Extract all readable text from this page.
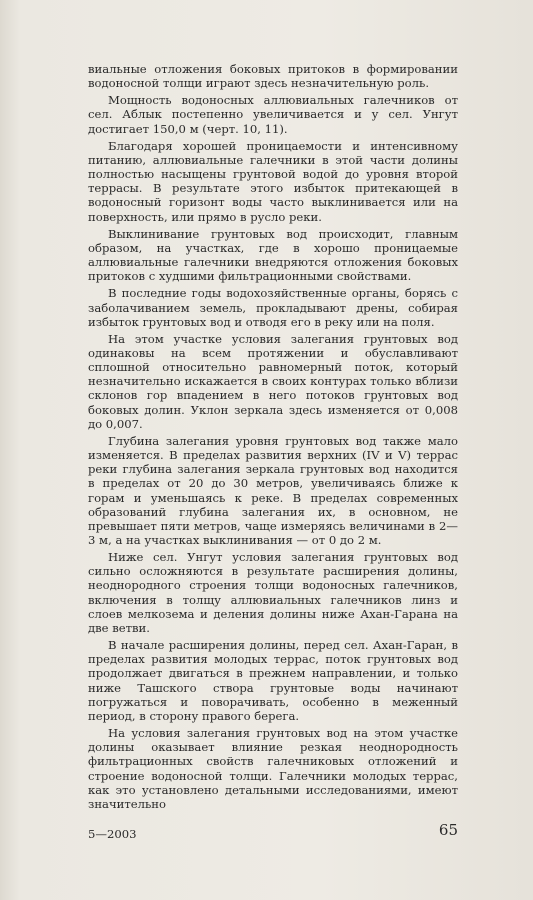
виальные отложения боковых притоков в формировании водоносной толщи играют здесь незначительную роль.

Мощность водоносных аллювиальных галечников от сел. Аблык постепенно увеличивается и у сел. Унгут достигает 150,0 м (черт. 10, 11).

Благодаря хорошей проницаемости и интенсивному питанию, аллювиальные галечники в этой части долины полностью насыщены грунтовой водой до уровня второй террасы. В результате этого избыток притекающей в водоносный горизонт воды часто выклинивается или на поверхность, или прямо в русло реки.

Выклинивание грунтовых вод происходит, главным образом, на участках, где в хорошо проницаемые аллювиальные галечники внедряются отложения боковых притоков с худшими фильтрационными свойствами.

В последние годы водохозяйственные органы, борясь с заболачиванием земель, прокладывают дрены, собирая избыток грунтовых вод и отводя его в реку или на поля.

На этом участке условия залегания грунтовых вод одинаковы на всем протяжении и обуславливают сплошной относительно равномерный поток, который незначительно искажается в своих контурах только вблизи склонов гор впадением в него потоков грунтовых вод боковых долин. Уклон зеркала здесь изменяется от 0,008 до 0,007.

Глубина залегания уровня грунтовых вод также мало изменяется. В пределах развития верхних (IV и V) террас реки глубина залегания зеркала грунтовых вод находится в пределах от 20 до 30 метров, увеличиваясь ближе к горам и уменьшаясь к реке. В пределах современных образований глубина залегания их, в основном, не превышает пяти метров, чаще измеряясь величинами в 2—3 м, а на участках выклинивания — от 0 до 2 м.

Ниже сел. Унгут условия залегания грунтовых вод сильно осложняются в результате расширения долины, неоднородного строения толщи водоносных галечников, включения в толщу аллювиальных галечников линз и слоев мелкозема и деления долины ниже Ахан-Гарана на две ветви.

В начале расширения долины, перед сел. Ахан-Гаран, в пределах развития молодых террас, поток грунтовых вод продолжает двигаться в прежнем направлении, и только ниже Ташского створа грунтовые воды начинают погружаться и поворачивать, особенно в меженный период, в сторону правого берега.

На условия залегания грунтовых вод на этом участке долины оказывает влияние резкая неоднородность фильтрационных свойств галечниковых отложений и строение водоносной толщи. Галечники молодых террас, как это установлено детальными исследованиями, имеют значительно

5—2003	65
